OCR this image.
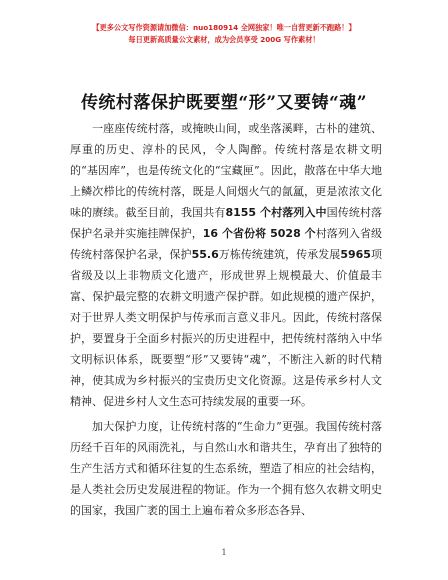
【更多公文写作资源请加微信：nuo180914 全网独家！唯一自营更新不跑路！】
每日更新高质量公文素材，成为会员享受 200G 写作素材！
传统村落保护既要塑“形”又要铸“魂”

一座座传统村落，或掩映山间，或坐落溪畔，古朴的建筑、厚重的历史、淳朴的民风，令人陶醉。传统村落是农耕文明的“基因库”，也是传统文化的“宝藏匣”。因此，散落在中华大地上鳞次栉比的传统村落，既是人间烟火气的氤氲，更是浓浓文化味的赓续。截至目前，我国共有8155 个村落列入中国传统村落保护名录并实施挂牌保护，16 个省份将 5028 个村落列入省级传统村落保护名录，保护55.6万栋传统建筑，传承发展5965项省级及以上非物质文化遗产，形成世界上规模最大、价值最丰富、保护最完整的农耕文明遗产保护群。如此规模的遗产保护，对于世界人类文明保护与传承而言意义非凡。因此，传统村落保护，要置身于全面乡村振兴的历史进程中，把传统村落纳入中华文明标识体系，既要塑“形”又要铸“魂”，不断注入新的时代精神，使其成为乡村振兴的宝贵历史文化资源。这是传承乡村人文精神、促进乡村人文生态可持续发展的重要一环。

加大保护力度，让传统村落的“生命力”更强。我国传统村落历经千百年的风雨洗礼，与自然山水和谐共生，孕育出了独特的生产生活方式和循环往复的生态系统，塑造了相应的社会结构，是人类社会历史发展进程的物证。作为一个拥有悠久农耕文明史的国家，我国广袤的国土上遍布着众多形态各异、

1
